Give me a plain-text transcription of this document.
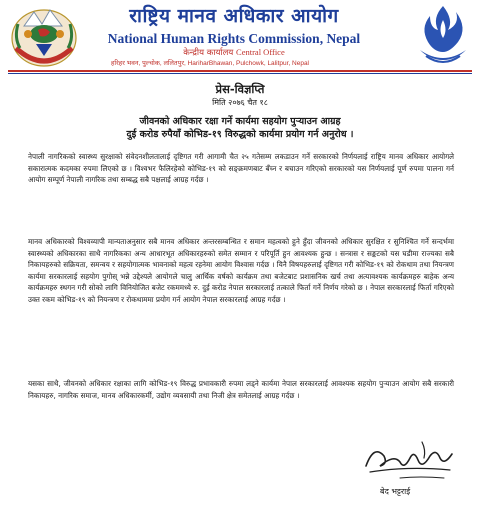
राष्ट्रिय मानव अधिकार आयोग
National Human Rights Commission, Nepal
केन्द्रीय कार्यालय Central Office
हरिहर भवन, पुल्चोक, ललितपुर, HariharBhawan, Pulchowk, Lalitpur, Nepal
प्रेस-विज्ञप्ति
मिति २०७६ चैत १८
जीवनको अधिकार रक्षा गर्ने कार्यमा सहयोग पुऱ्याउन आग्रह
दुई करोड रुपैयाँ कोभिड-१९ विरुद्धको कार्यमा प्रयोग गर्न अनुरोध ।
नेपाली नागरिकको स्वास्थ्य सुरक्षाको संवेदनशीलतालाई दृष्टिगत गरी आगामी चैत २५ गतेसम्म लकडाउन गर्ने सरकारको निर्णयलाई राष्ट्रिय मानव अधिकार आयोगले सकारात्मक कदमका रुपमा लिएको छ । विश्वभर फैलिरहेको कोभिड-१९ को सङ्क्रमणबाट बँच्न र बचाउन गरिएको सरकारको यस निर्णयलाई पूर्ण रुपमा पालना गर्न आयोग सम्पूर्ण नेपाली नागरिक तथा सम्बद्ध सबै पक्षलाई आग्रह गर्दछ ।
मानव अधिकारको विश्वव्यापी मान्यताअनुसार सबै मानव अधिकार अन्तरसम्बन्धित र समान महत्वको हुने हुँदा जीवनको अधिकार सुरक्षित र सुनिश्चित गर्ने सन्दर्भमा स्वास्थ्यको अधिकारका साथै नागरिकका अन्य आधारभूत अधिकारहरुको समेत सम्मान र परिपूर्ति हुन आवश्यक हुन्छ । सन्त्रास र सङ्कटको यस घडीमा राज्यका सबै निकायहरुको सक्रियता, समन्वय र सहयोगात्मक भावनाको महत्व रहनेमा आयोग विश्वास गर्दछ । यिनै विषयहरुलाई दृष्टिगत गरी कोभिड-१९ को रोकथाम तथा नियन्त्रण कार्यमा सरकारलाई सहयोग पुगोस् भन्ने उद्देश्यले आयोगले चालु आर्थिक वर्षको कार्यक्रम तथा बजेटबाट प्रशासनिक खर्च तथा अत्यावश्यक कार्यक्रमहरु बाहेक अन्य कार्यक्रमहरु स्थगन गरी सोको लागि विनियोजित बजेट रकममध्ये रु. दुई करोड नेपाल सरकारलाई तत्काले फिर्ता गर्ने निर्णय गरेको छ । नेपाल सरकारलाई फिर्ता गरिएको उक्त रकम कोभिड-१९ को नियन्त्रण र रोकथाममा प्रयोग गर्न आयोग नेपाल सरकारलाई आग्रह गर्दछ ।
यसका साथै, जीवनको अधिकार रक्षाका लागि कोभिड-१९ विरुद्ध प्रभावकारी रुपमा लड्ने कार्यमा नेपाल सरकारलाई आवश्यक सहयोग पुऱ्याउन आयोग सबै सरकारी निकायहरु, नागरिक समाज, मानव अधिकारकर्मी, उद्योग व्यवसायी तथा निजी क्षेत्र समेतलाई आग्रह गर्दछ ।
बेद भट्टराई
